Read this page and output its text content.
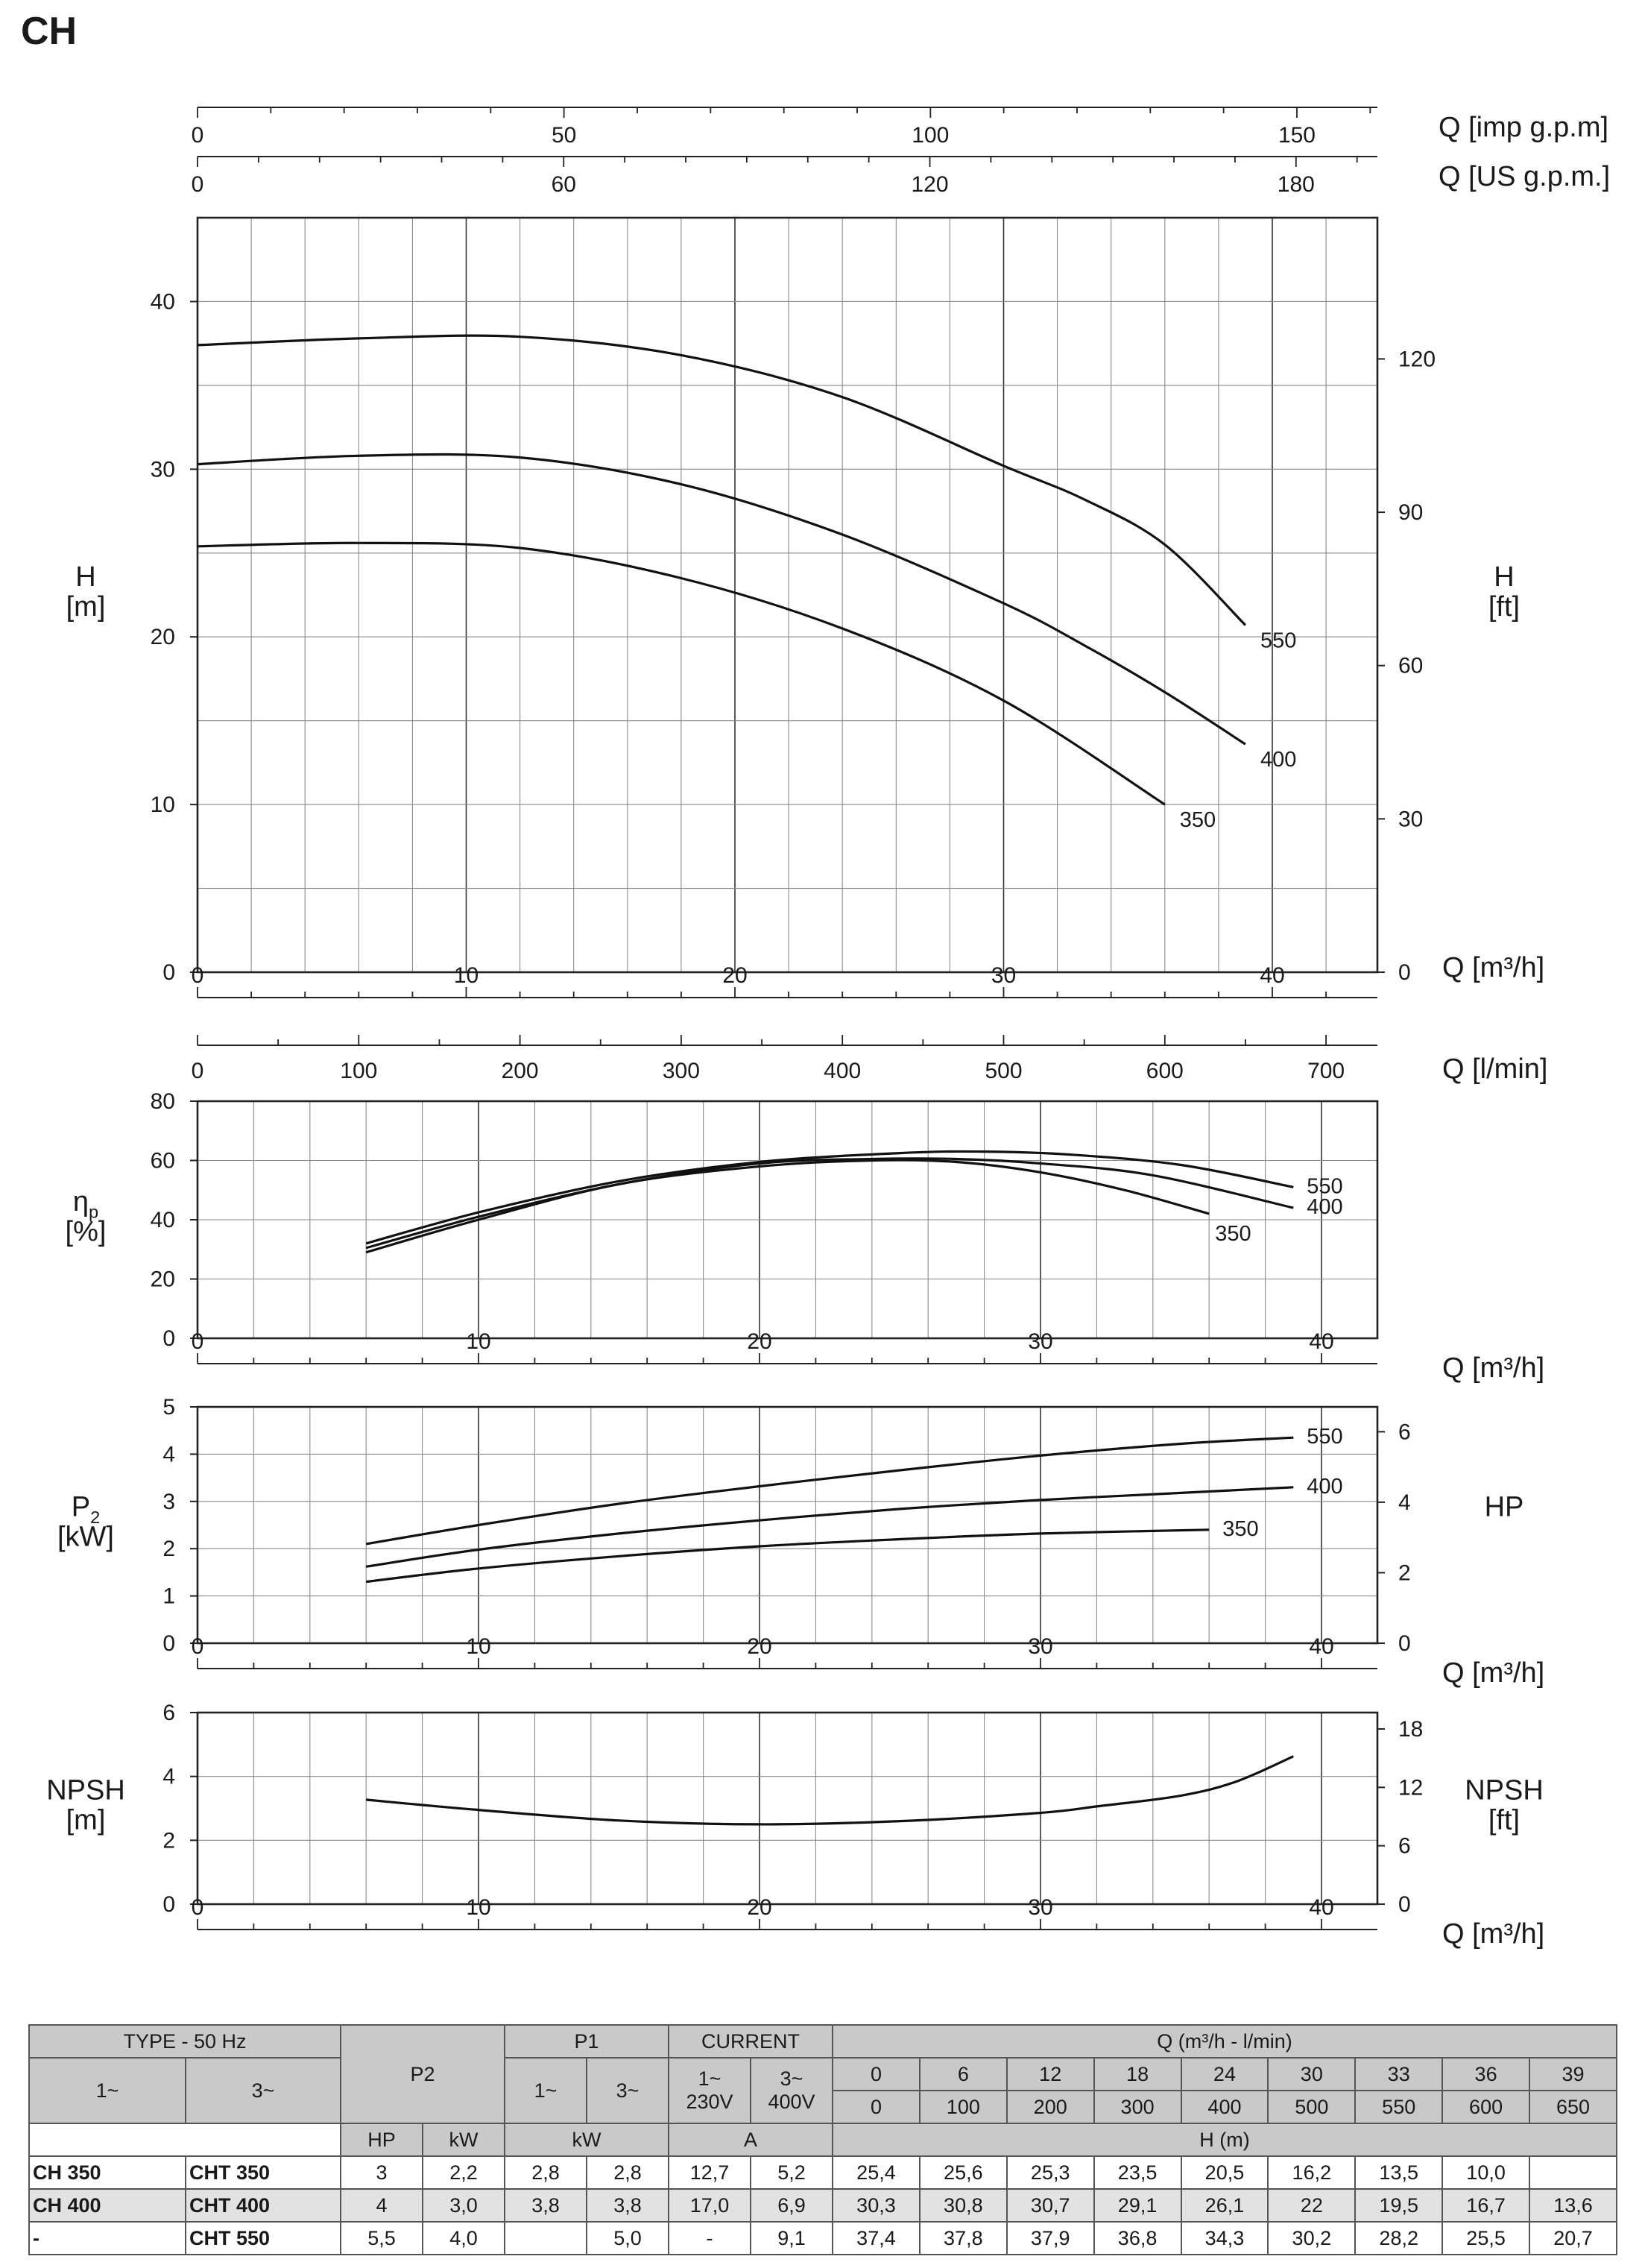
CH
0
10
20
30
40
0
30
60
90
120
0	10	20	30	40	Q [m³/h]
H
[m]
H
[ft]
350
400
550
0	100	200	300	400	500	600	700	Q [l/min]
0	50	100	150	Q [imp g.p.m]
0	60	120	180	Q [US g.p.m.]
0
20
40
60
80
0	10	20	30	40
Q [m³/h]
$\eta_p$
[%]	350
400
550
0
1
2
3
4
5
0
2
4
6
0	10	20	30	40
Q [m³/h]
$P_2$
[kW]
HP
350
400
550
0
2
4
6
0
6
12
18
0	10	20	30	40
Q [m³/h]
NPSH
[m]
NPSH
[ft]
TYPE - 50 Hz		P2		P1		CURRENT		Q (m³/h - l/min)								
1~	3~			1~	3~	1~ 230V	3~ 400V	0	6	12	18	24	30	33	36	39
								0	100	200	300	400	500	550	600	650
		HP	kW	kW		A		H (m)								
CH 350	CHT 350	3	2,2	2,8	2,8	12,7	5,2	25,4	25,6	25,3	23,5	20,5	16,2	13,5	10,0	
CH 400	CHT 400	4	3,0	3,8	3,8	17,0	6,9	30,3	30,8	30,7	29,1	26,1	22	19,5	16,7	13,6
-	CHT 550	5,5	4,0		5,0	-	9,1	37,4	37,8	37,9	36,8	34,3	30,2	28,2	25,5	20,7
